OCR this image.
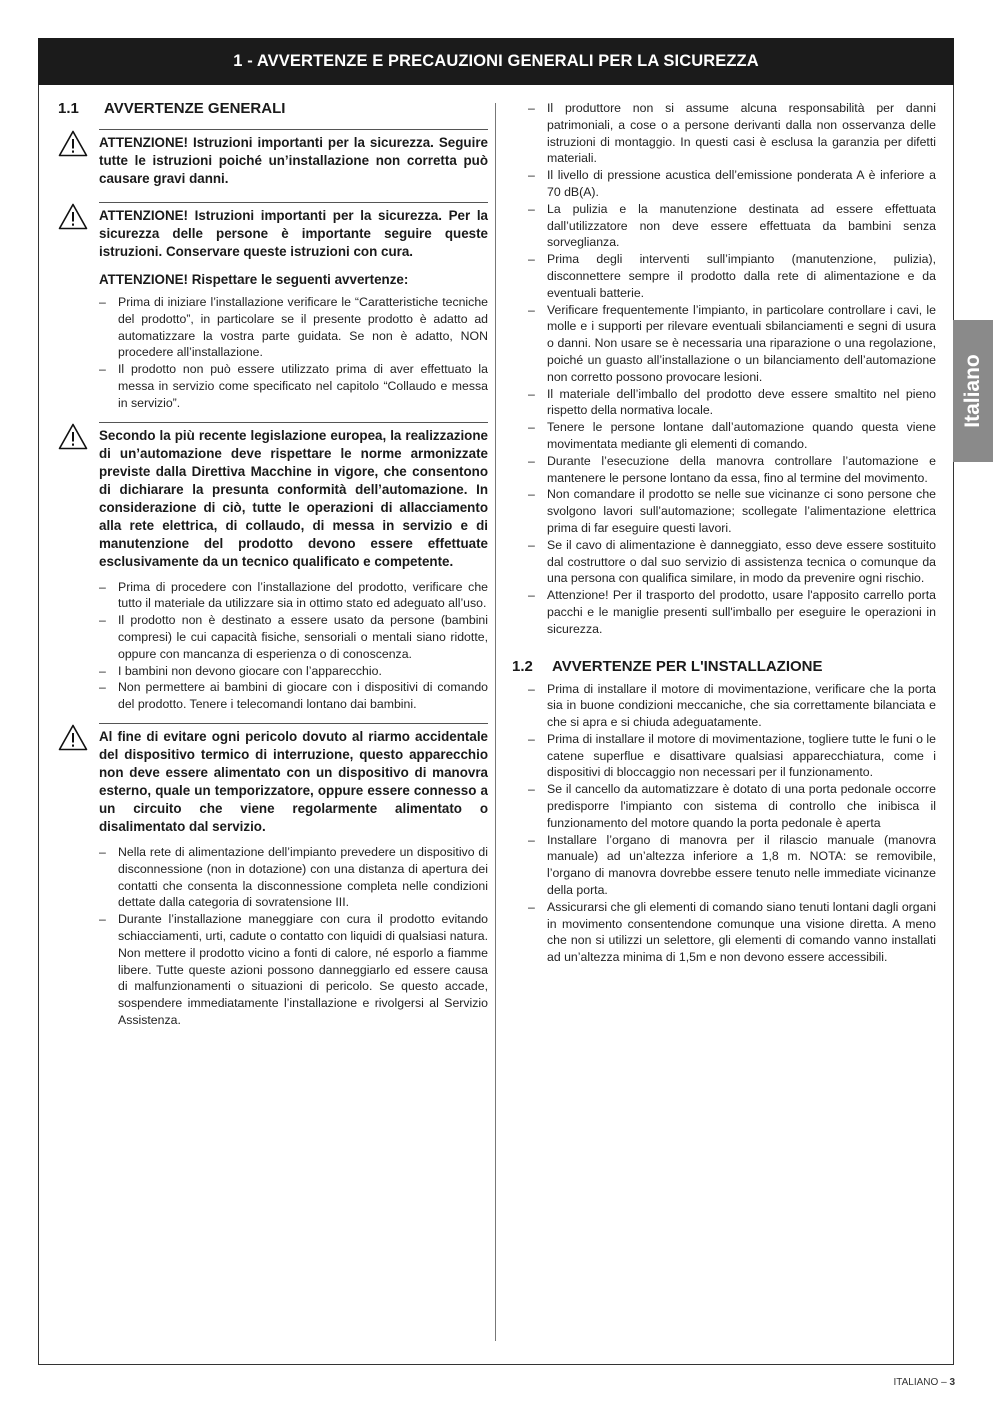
1 - AVVERTENZE E PRECAUZIONI GENERALI PER LA SICUREZZA
Italiano
1.1	AVVERTENZE GENERALI

ATTENZIONE! Istruzioni importanti per la sicurezza. Seguire tutte le istruzioni poiché un’installazione non corretta può causare gravi danni.

ATTENZIONE! Istruzioni importanti per la sicurezza. Per la sicurezza delle persone è importante seguire queste istruzioni. Conservare queste istruzioni con cura.

ATTENZIONE! Rispettare le seguenti avvertenze:

– Prima di iniziare l’installazione verificare le “Caratteristiche tecniche del prodotto”, in particolare se il presente prodotto è adatto ad automatizzare la vostra parte guidata. Se non è adatto, NON procedere all’installazione.
– Il prodotto non può essere utilizzato prima di aver effettuato la messa in servizio come specificato nel capitolo “Collaudo e messa in servizio”.

Secondo la più recente legislazione europea, la realizzazione di un’automazione deve rispettare le norme armonizzate previste dalla Direttiva Macchine in vigore, che consentono di dichiarare la presunta conformità dell’automazione. In considerazione di ciò, tutte le operazioni di allacciamento alla rete elettrica, di collaudo, di messa in servizio e di manutenzione del prodotto devono essere effettuate esclusivamente da un tecnico qualificato e competente.

– Prima di procedere con l’installazione del prodotto, verificare che tutto il materiale da utilizzare sia in ottimo stato ed adeguato all’uso.
– Il prodotto non è destinato a essere usato da persone (bambini compresi) le cui capacità fisiche, sensoriali o mentali siano ridotte, oppure con mancanza di esperienza o di conoscenza.
– I bambini non devono giocare con l’apparecchio.
– Non permettere ai bambini di giocare con i dispositivi di comando del prodotto. Tenere i telecomandi lontano dai bambini.

Al fine di evitare ogni pericolo dovuto al riarmo accidentale del dispositivo termico di interruzione, questo apparecchio non deve essere alimentato con un dispositivo di manovra esterno, quale un temporizzatore, oppure essere connesso a un circuito che viene regolarmente alimentato o disalimentato dal servizio.

– Nella rete di alimentazione dell’impianto prevedere un dispositivo di disconnessione (non in dotazione) con una distanza di apertura dei contatti che consenta la disconnessione completa nelle condizioni dettate dalla categoria di sovratensione III.
– Durante l’installazione maneggiare con cura il prodotto evitando schiacciamenti, urti, cadute o contatto con liquidi di qualsiasi natura. Non mettere il prodotto vicino a fonti di calore, né esporlo a fiamme libere. Tutte queste azioni possono danneggiarlo ed essere causa di malfunzionamenti o situazioni di pericolo. Se questo accade, sospendere immediatamente l’installazione e rivolgersi al Servizio Assistenza.
– Il produttore non si assume alcuna responsabilità per danni patrimoniali, a cose o a persone derivanti dalla non osservanza delle istruzioni di montaggio. In questi casi è esclusa la garanzia per difetti materiali.
– Il livello di pressione acustica dell’emissione ponderata A è inferiore a 70 dB(A).
– La pulizia e la manutenzione destinata ad essere effettuata dall’utilizzatore non deve essere effettuata da bambini senza sorveglianza.
– Prima degli interventi sull’impianto (manutenzione, pulizia), disconnettere sempre il prodotto dalla rete di alimentazione e da eventuali batterie.
– Verificare frequentemente l’impianto, in particolare controllare i cavi, le molle e i supporti per rilevare eventuali sbilanciamenti e segni di usura o danni. Non usare se è necessaria una riparazione o una regolazione, poiché un guasto all’installazione o un bilanciamento dell’automazione non corretto possono provocare lesioni.
– Il materiale dell’imballo del prodotto deve essere smaltito nel pieno rispetto della normativa locale.
– Tenere le persone lontane dall’automazione quando questa viene movimentata mediante gli elementi di comando.
– Durante l’esecuzione della manovra controllare l’automazione e mantenere le persone lontano da essa, fino al termine del movimento.
– Non comandare il prodotto se nelle sue vicinanze ci sono persone che svolgono lavori sull’automazione; scollegate l’alimentazione elettrica prima di far eseguire questi lavori.
– Se il cavo di alimentazione è danneggiato, esso deve essere sostituito dal costruttore o dal suo servizio di assistenza tecnica o comunque da una persona con qualifica similare, in modo da prevenire ogni rischio.
– Attenzione! Per il trasporto del prodotto, usare l'apposito carrello porta pacchi e le maniglie presenti sull'imballo per eseguire le operazioni in sicurezza.
1.2	AVVERTENZE PER L'INSTALLAZIONE
– Prima di installare il motore di movimentazione, verificare che la porta sia in buone condizioni meccaniche, che sia correttamente bilanciata e che si apra e si chiuda adeguatamente.
– Prima di installare il motore di movimentazione, togliere tutte le funi o le catene superflue e disattivare qualsiasi apparecchiatura, come i dispositivi di bloccaggio non necessari per il funzionamento.
– Se il cancello da automatizzare è dotato di una porta pedonale occorre predisporre l'impianto con sistema di controllo che inibisca il funzionamento del motore quando la porta pedonale è aperta
– Installare l’organo di manovra per il rilascio manuale (manovra manuale) ad un’altezza inferiore a 1,8 m. NOTA: se removibile, l’organo di manovra dovrebbe essere tenuto nelle immediate vicinanze della porta.
– Assicurarsi che gli elementi di comando siano tenuti lontani dagli organi in movimento consentendone comunque una visione diretta. A meno che non si utilizzi un selettore, gli elementi di comando vanno installati ad un’altezza minima di 1,5m e non devono essere accessibili.
ITALIANO – 3
